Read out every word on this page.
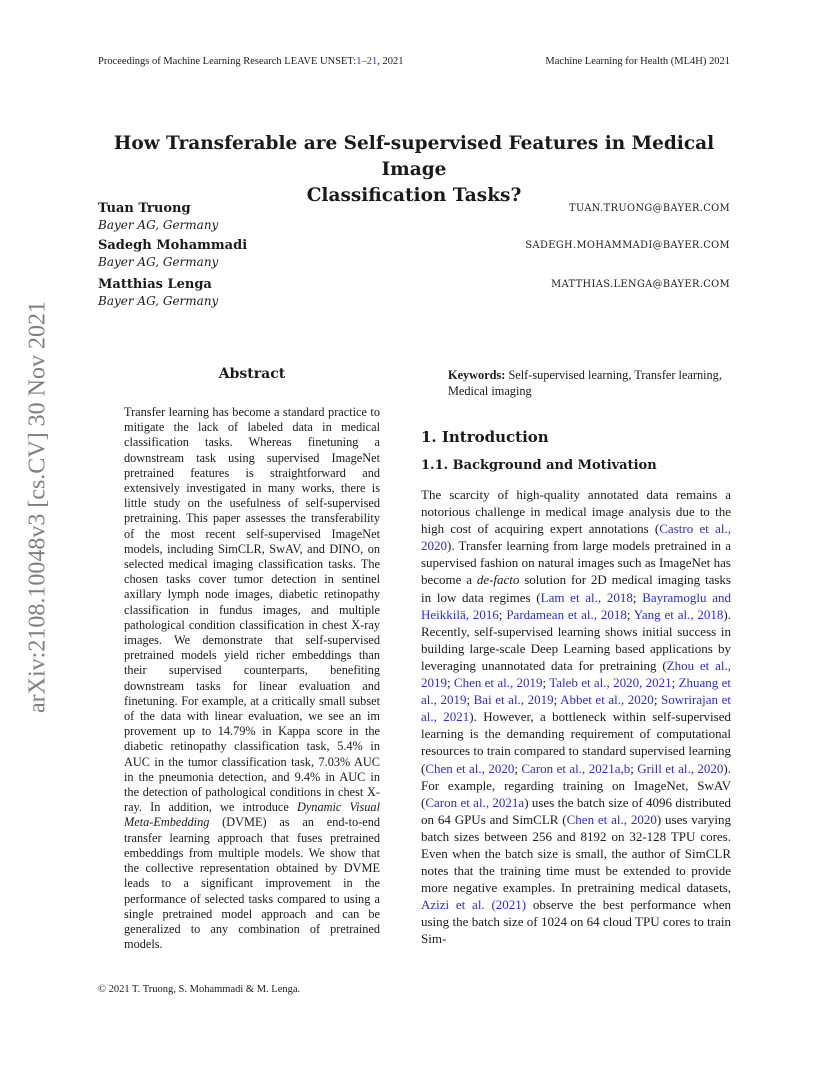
Proceedings of Machine Learning Research LEAVE UNSET:1–21, 2021	Machine Learning for Health (ML4H) 2021
arXiv:2108.10048v3 [cs.CV] 30 Nov 2021
How Transferable are Self-supervised Features in Medical Image
Classification Tasks?
Tuan Truong
Bayer AG, Germany
TUAN.TRUONG@BAYER.COM
Sadegh Mohammadi
Bayer AG, Germany
SADEGH.MOHAMMADI@BAYER.COM
Matthias Lenga
Bayer AG, Germany
MATTHIAS.LENGA@BAYER.COM
Abstract
Transfer learning has become a standard practice to mitigate the lack of labeled data in medical classification tasks. Whereas finetuning a downstream task using supervised ImageNet pretrained features is straightforward and extensively investigated in many works, there is little study on the usefulness of self-supervised pretraining. This paper assesses the transferability of the most recent self-supervised ImageNet models, including SimCLR, SwAV, and DINO, on selected medical imaging classification tasks. The chosen tasks cover tumor detection in sentinel axillary lymph node images, diabetic retinopathy classification in fundus images, and multiple pathological condition classification in chest X-ray images. We demonstrate that self-supervised pretrained models yield richer embeddings than their supervised counterparts, benefiting downstream tasks for linear evaluation and finetuning. For example, at a critically small subset of the data with linear evaluation, we see an im provement up to 14.79% in Kappa score in the diabetic retinopathy classification task, 5.4% in AUC in the tumor classification task, 7.03% AUC in the pneumonia detection, and 9.4% in AUC in the detection of pathological conditions in chest X-ray. In addition, we introduce Dynamic Visual Meta-Embedding (DVME) as an end-to-end transfer learning approach that fuses pretrained embeddings from multiple models. We show that the collective representation obtained by DVME leads to a significant improvement in the performance of selected tasks compared to using a single pretrained model approach and can be generalized to any combination of pretrained models.
Keywords: Self-supervised learning, Transfer learning, Medical imaging
1. Introduction
1.1. Background and Motivation
The scarcity of high-quality annotated data remains a notorious challenge in medical image analysis due to the high cost of acquiring expert annotations (Castro et al., 2020). Transfer learning from large models pretrained in a supervised fashion on natural images such as ImageNet has become a de-facto solution for 2D medical imaging tasks in low data regimes (Lam et al., 2018; Bayramoglu and Heikkilä, 2016; Pardamean et al., 2018; Yang et al., 2018). Recently, self-supervised learning shows initial success in building large-scale Deep Learning based applications by leveraging unannotated data for pretraining (Zhou et al., 2019; Chen et al., 2019; Taleb et al., 2020, 2021; Zhuang et al., 2019; Bai et al., 2019; Abbet et al., 2020; Sowrirajan et al., 2021). However, a bottleneck within self-supervised learning is the demanding requirement of computational resources to train compared to standard supervised learning (Chen et al., 2020; Caron et al., 2021a,b; Grill et al., 2020). For example, regarding training on ImageNet, SwAV (Caron et al., 2021a) uses the batch size of 4096 distributed on 64 GPUs and SimCLR (Chen et al., 2020) uses varying batch sizes between 256 and 8192 on 32-128 TPU cores. Even when the batch size is small, the author of SimCLR notes that the training time must be extended to provide more negative examples. In pretraining medical datasets, Azizi et al. (2021) observe the best performance when using the batch size of 1024 on 64 cloud TPU cores to train Sim-
© 2021 T. Truong, S. Mohammadi & M. Lenga.
